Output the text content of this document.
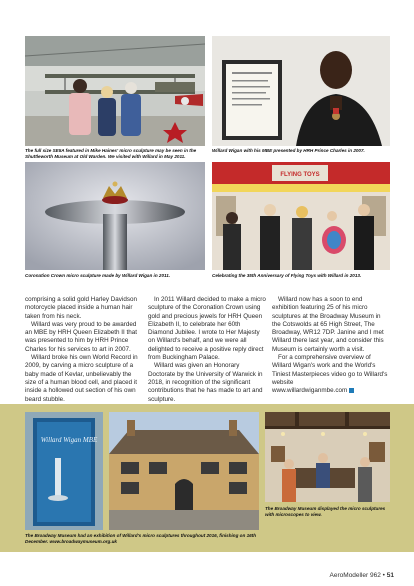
The full size SE5A featured in Mike Haines' micro sculpture may be seen in the Shuttleworth Museum at Old Warden. We visited with Willard in May 2011.
Willard Wigan with his MBE presented by HRH Prince Charles in 2007.
Coronation Crown micro sculpture made by Willard Wigan in 2011.
FLYING TOYS
Celebrating the 35th Anniversary of Flying Toys with Willard in 2013.

comprising a solid gold Harley Davidson motorcycle placed inside a human hair taken from his neck.

Willard was very proud to be awarded an MBE by HRH Queen Elizabeth II that was presented to him by HRH Prince Charles for his services to art in 2007.

Willard broke his own World Record in 2009, by carving a micro sculpture of a baby made of Kevlar, unbelievably the size of a human blood cell, and placed it inside a hollowed out section of his own beard stubble.

In 2011 Willard decided to make a micro sculpture of the Coronation Crown using gold and precious jewels for HRH Queen Elizabeth II, to celebrate her 60th Diamond Jubilee. I wrote to Her Majesty on Willard's behalf, and we were all delighted to receive a positive reply direct from Buckingham Palace.

Willard was given an Honorary Doctorate by the University of Warwick in 2018, in recognition of the significant contributions that he has made to art and sculpture.

Willard now has a soon to end exhibition featuring 25 of his micro sculptures at the Broadway Museum in the Cotswolds at 65 High Street, The Broadway, WR12 7DP. Janine and I met Willard there last year, and consider this Museum is certainly worth a visit.

For a comprehensive overview of Willard Wigan's work and the World's Tiniest Masterpieces video go to Willard's website

www.willardwiganmbe.com

Willard Wigan MBE
The Broadway Museum had an exhibition of Willard's micro sculptures throughout 2016, finishing on 16th December. www.broadwaymuseum.org.uk
The Broadway Museum displayed the micro sculptures with microscopes to view.
AeroModeller 962 • 51
